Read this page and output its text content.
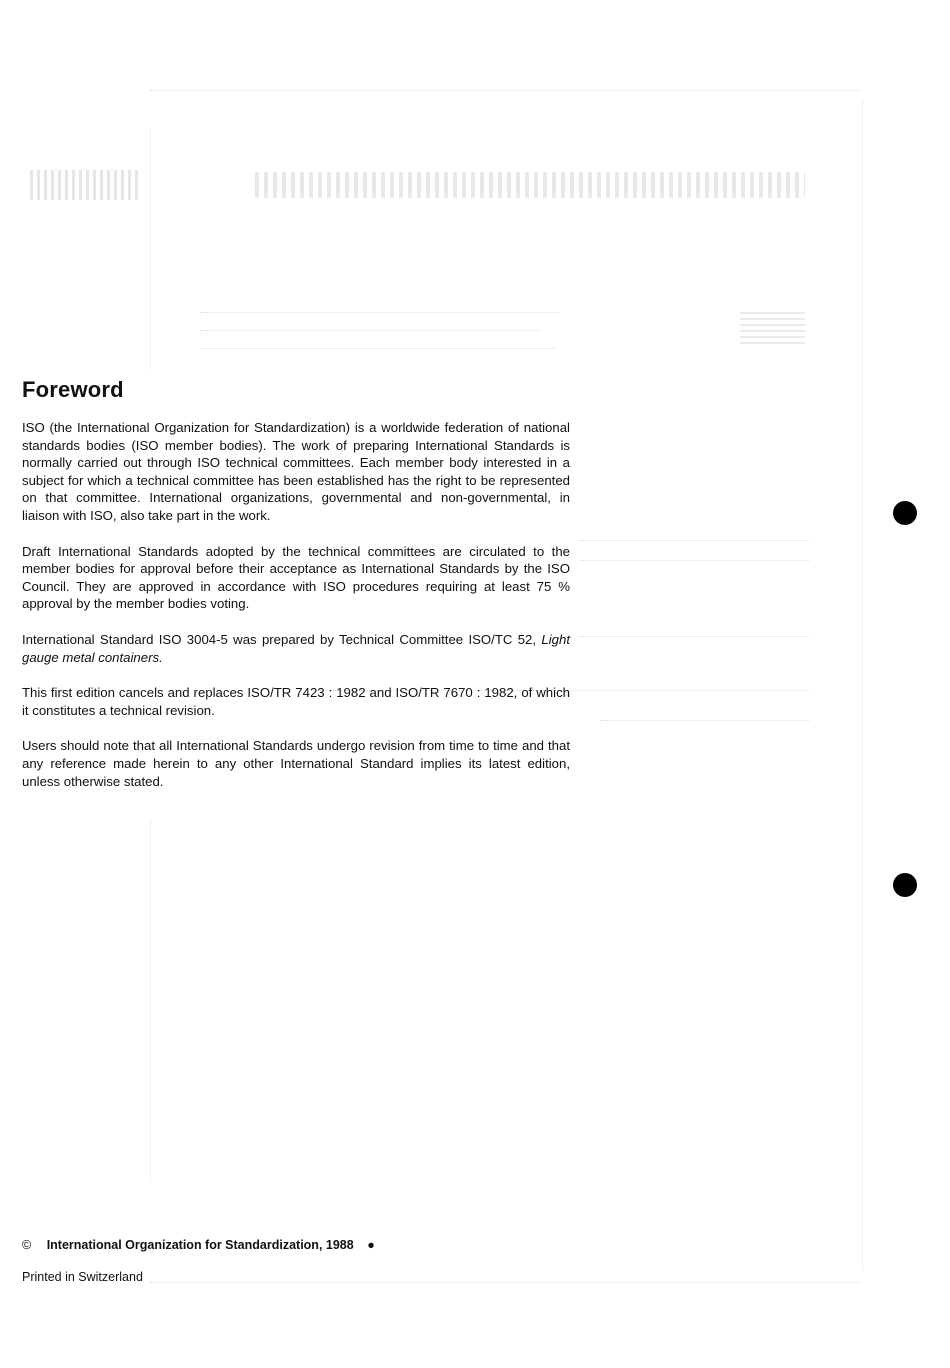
Foreword

ISO (the International Organization for Standardization) is a worldwide federation of national standards bodies (ISO member bodies). The work of preparing International Standards is normally carried out through ISO technical committees. Each member body interested in a subject for which a technical committee has been established has the right to be represented on that committee. International organizations, governmental and non-governmental, in liaison with ISO, also take part in the work.

Draft International Standards adopted by the technical committees are circulated to the member bodies for approval before their acceptance as International Standards by the ISO Council. They are approved in accordance with ISO procedures requiring at least 75 % approval by the member bodies voting.

International Standard ISO 3004-5 was prepared by Technical Committee ISO/TC 52, Light gauge metal containers.

This first edition cancels and replaces ISO/TR 7423 : 1982 and ISO/TR 7670 : 1982, of which it constitutes a technical revision.

Users should note that all International Standards undergo revision from time to time and that any reference made herein to any other International Standard implies its latest edition, unless otherwise stated.

© International Organization for Standardization, 1988 ●
Printed in Switzerland
